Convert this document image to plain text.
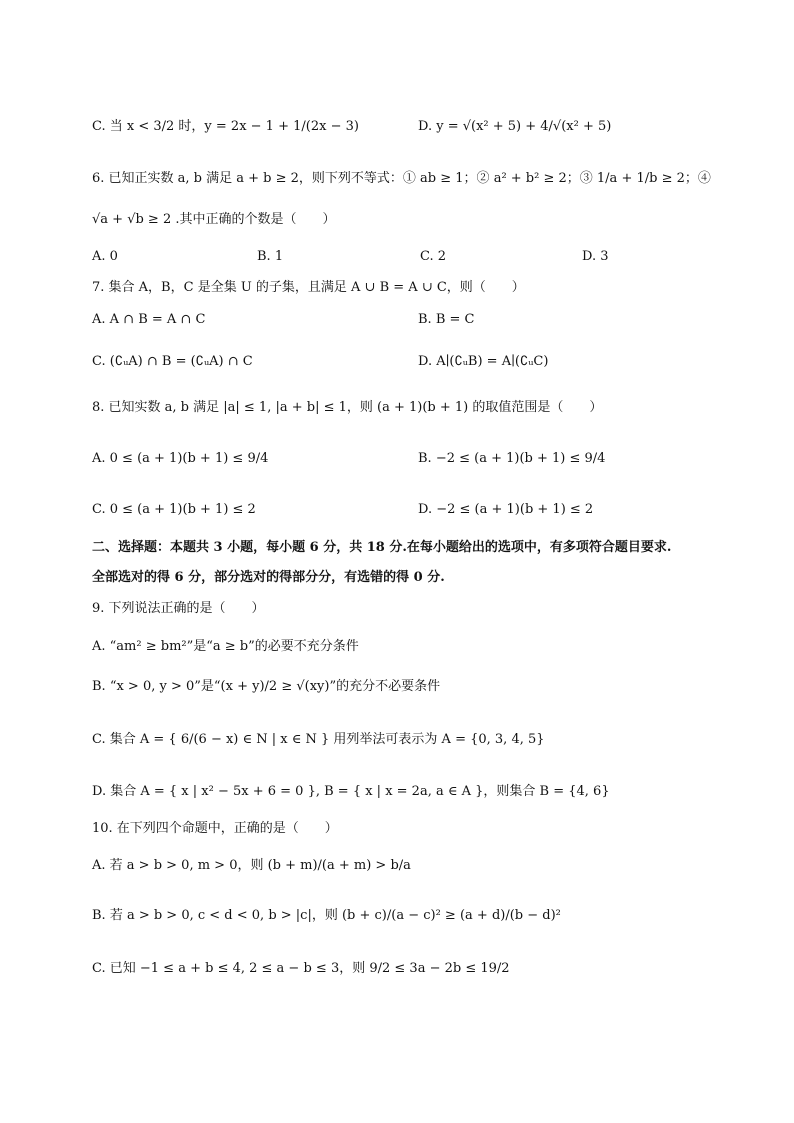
C. 当 x < 3/2 时，y = 2x − 1 + 1/(2x − 3)	D. y = √(x² + 5) + 4/√(x² + 5)
6. 已知正实数 a, b 满足 a + b ≥ 2，则下列不等式：① ab ≥ 1；② a² + b² ≥ 2；③ 1/a + 1/b ≥ 2；④
√a + √b ≥ 2 .其中正确的个数是（　　）
A. 0	B. 1	C. 2	D. 3
7. 集合 A，B，C 是全集 U 的子集，且满足 A ∪ B = A ∪ C，则（　　）
A. A ∩ B = A ∩ C	B. B = C
C. (∁ᵤA) ∩ B = (∁ᵤA) ∩ C	D. A∣(∁ᵤB) = A∣(∁ᵤC)
8. 已知实数 a, b 满足 |a| ≤ 1, |a + b| ≤ 1，则 (a + 1)(b + 1) 的取值范围是（　　）
A. 0 ≤ (a + 1)(b + 1) ≤ 9/4	B. −2 ≤ (a + 1)(b + 1) ≤ 9/4
C. 0 ≤ (a + 1)(b + 1) ≤ 2	D. −2 ≤ (a + 1)(b + 1) ≤ 2
二、选择题：本题共 3 小题，每小题 6 分，共 18 分.在每小题给出的选项中，有多项符合题目要求.
全部选对的得 6 分，部分选对的得部分分，有选错的得 0 分.
9. 下列说法正确的是（　　）
A. “am² ≥ bm²”是“a ≥ b”的必要不充分条件
B. “x > 0, y > 0”是“(x + y)/2 ≥ √(xy)”的充分不必要条件
C. 集合 A = { 6/(6 − x) ∈ N | x ∈ N } 用列举法可表示为 A = {0, 3, 4, 5}
D. 集合 A = { x | x² − 5x + 6 = 0 }, B = { x | x = 2a, a ∈ A }，则集合 B = {4, 6}
10. 在下列四个命题中，正确的是（　　）
A. 若 a > b > 0, m > 0，则 (b + m)/(a + m) > b/a
B. 若 a > b > 0, c < d < 0, b > |c|，则 (b + c)/(a − c)² ≥ (a + d)/(b − d)²
C. 已知 −1 ≤ a + b ≤ 4, 2 ≤ a − b ≤ 3，则 9/2 ≤ 3a − 2b ≤ 19/2
